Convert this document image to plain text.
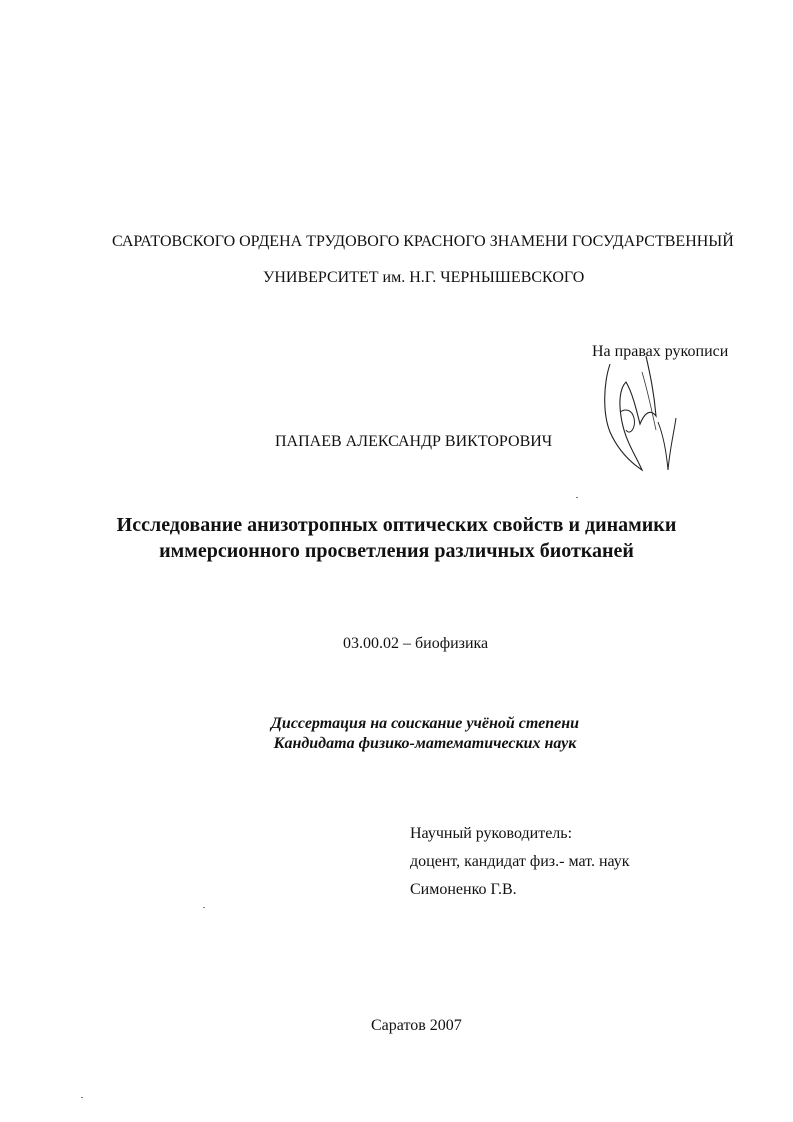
САРАТОВСКОГО ОРДЕНА ТРУДОВОГО КРАСНОГО ЗНАМЕНИ ГОСУДАРСТВЕННЫЙ
УНИВЕРСИТЕТ им. Н.Г. ЧЕРНЫШЕВСКОГО
На правах рукописи
ПАПАЕВ АЛЕКСАНДР ВИКТОРОВИЧ
Исследование анизотропных оптических свойств и динамики
иммерсионного просветления различных биотканей
03.00.02 – биофизика
Диссертация на соискание учёной степени
Кандидата физико-математических наук
Научный руководитель:
доцент, кандидат физ.- мат. наук
Симоненко Г.В.
Саратов 2007
